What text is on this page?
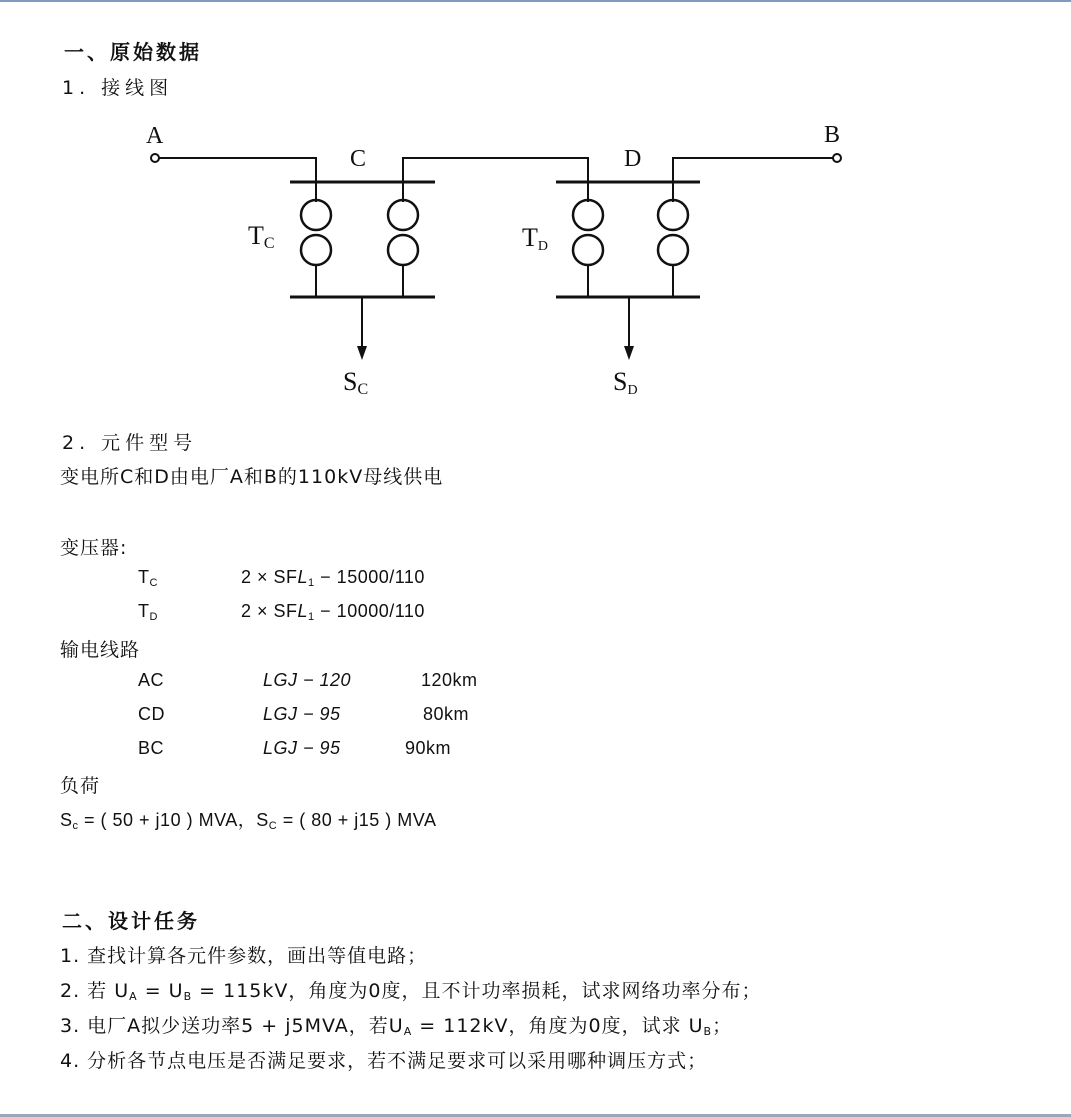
一、原始数据
1. 接线图
A
C
TC
SC
D
TD
B
SD
2. 元件型号
变电所C和D由电厂A和B的110kV母线供电
变压器:
$T_C$	$2 \times SFL_1 - 15000/110$
$T_D$	$2 \times SFL_1 - 10000/110$
输电线路
AC	LGJ − 120	120km
CD	LGJ − 95	80km
BC	LGJ − 95	90km
负荷
$S_c$ = ( 50 + j10 ) MVA，$S_C$ = ( 80 + j15 ) MVA
二、设计任务
1. 查找计算各元件参数，画出等值电路；
2. 若 $U_A = U_B = 115kV$，角度为0度，且不计功率损耗，试求网络功率分布；
3. 电厂A拟少送功率5 + j5MVA，若$U_A = 112kV$，角度为0度，试求 $U_B$；
4. 分析各节点电压是否满足要求，若不满足要求可以采用哪种调压方式；
